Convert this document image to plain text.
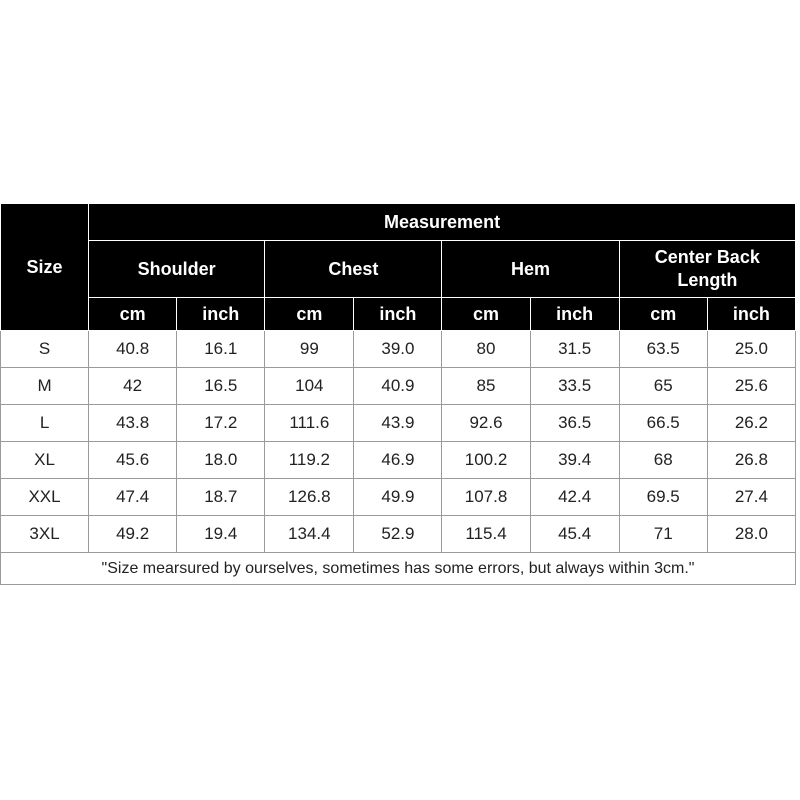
Size	Measurement							
	Shoulder		Chest		Hem		Center Back Length	
	cm	inch	cm	inch	cm	inch	cm	inch
S	40.8	16.1	99	39.0	80	31.5	63.5	25.0
M	42	16.5	104	40.9	85	33.5	65	25.6
L	43.8	17.2	111.6	43.9	92.6	36.5	66.5	26.2
XL	45.6	18.0	119.2	46.9	100.2	39.4	68	26.8
XXL	47.4	18.7	126.8	49.9	107.8	42.4	69.5	27.4
3XL	49.2	19.4	134.4	52.9	115.4	45.4	71	28.0
"Size mearsured by ourselves, sometimes has some errors, but always within 3cm."								
